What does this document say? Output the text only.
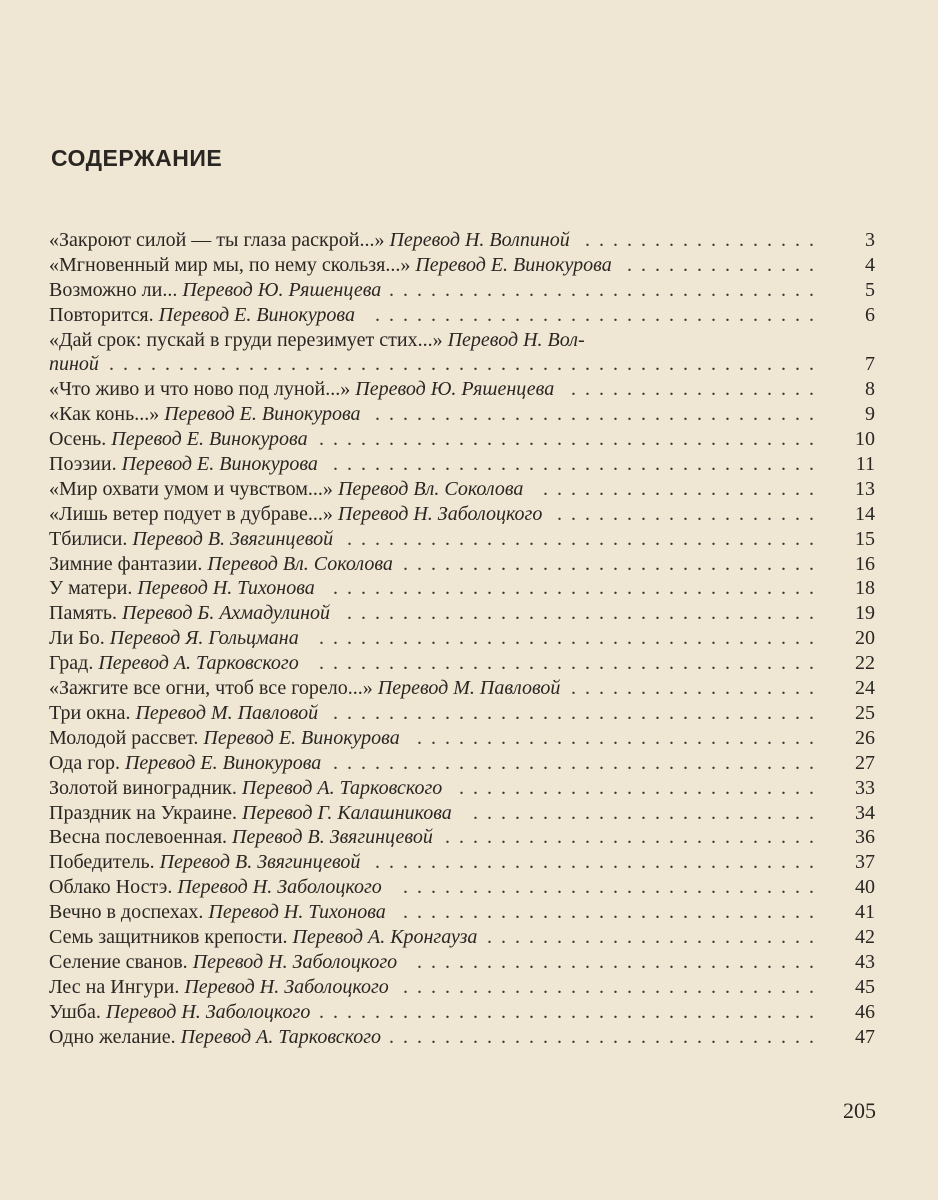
СОДЕРЖАНИЕ
«Закроют силой — ты глаза раскрой...» Перевод Н. Волпиной .................	3
«Мгновенный мир мы, по нему скользя...» Перевод Е. Винокурова ..............	4
Возможно ли... Перевод Ю. Ряшенцева ...............................	5
Повторится. Перевод Е. Винокурова	................................	6
«Дай срок: пускай в груди перезимует стих...» Перевод Н. Вол-
пиной ...................................................	7
«Что живо и что ново под луной...» Перевод Ю. Ряшенцева ..................	8
«Как конь...» Перевод Е. Винокурова ................................	9
Осень. Перевод Е. Винокурова ....................................	10
Поэзии. Перевод Е. Винокурова ...................................	11
«Мир охвати умом и чувством...» Перевод Вл. Соколова ....................	13
«Лишь ветер подует в дубраве...» Перевод Н. Заболоцкого ...................	14
Тбилиси. Перевод В. Звягинцевой ..................................	15
Зимние фантазии. Перевод Вл. Соколова ..............................	16
У матери. Перевод Н. Тихонова ...................................	18
Память. Перевод Б. Ахмадулиной ..................................	19
Ли Бо. Перевод Я. Гольцмана	....................................	20
Град. Перевод А. Тарковского	....................................	22
«Зажгите все огни, чтоб все горело...» Перевод М. Павловой ..................	24
Три окна. Перевод М. Павловой ...................................	25
Молодой рассвет. Перевод Е. Винокурова .............................	26
Ода гор. Перевод Е. Винокурова ...................................	27
Золотой виноградник. Перевод А. Тарковского ..........................	33
Праздник на Украине. Перевод Г. Калашникова	.........................	34
Весна послевоенная. Перевод В. Звягинцевой ...........................	36
Победитель. Перевод В. Звягинцевой ................................	37
Облако Ностэ. Перевод Н. Заболоцкого	..............................	40
Вечно в доспехах. Перевод Н. Тихонова ..............................	41
Семь защитников крепости. Перевод А. Кронгауза ........................	42
Селение сванов. Перевод Н. Заболоцкого .............................	43
Лес на Ингури. Перевод Н. Заболоцкого ..............................	45
Ушба. Перевод Н. Заболоцкого ....................................	46
Одно желание. Перевод А. Тарковского ...............................	47
205
